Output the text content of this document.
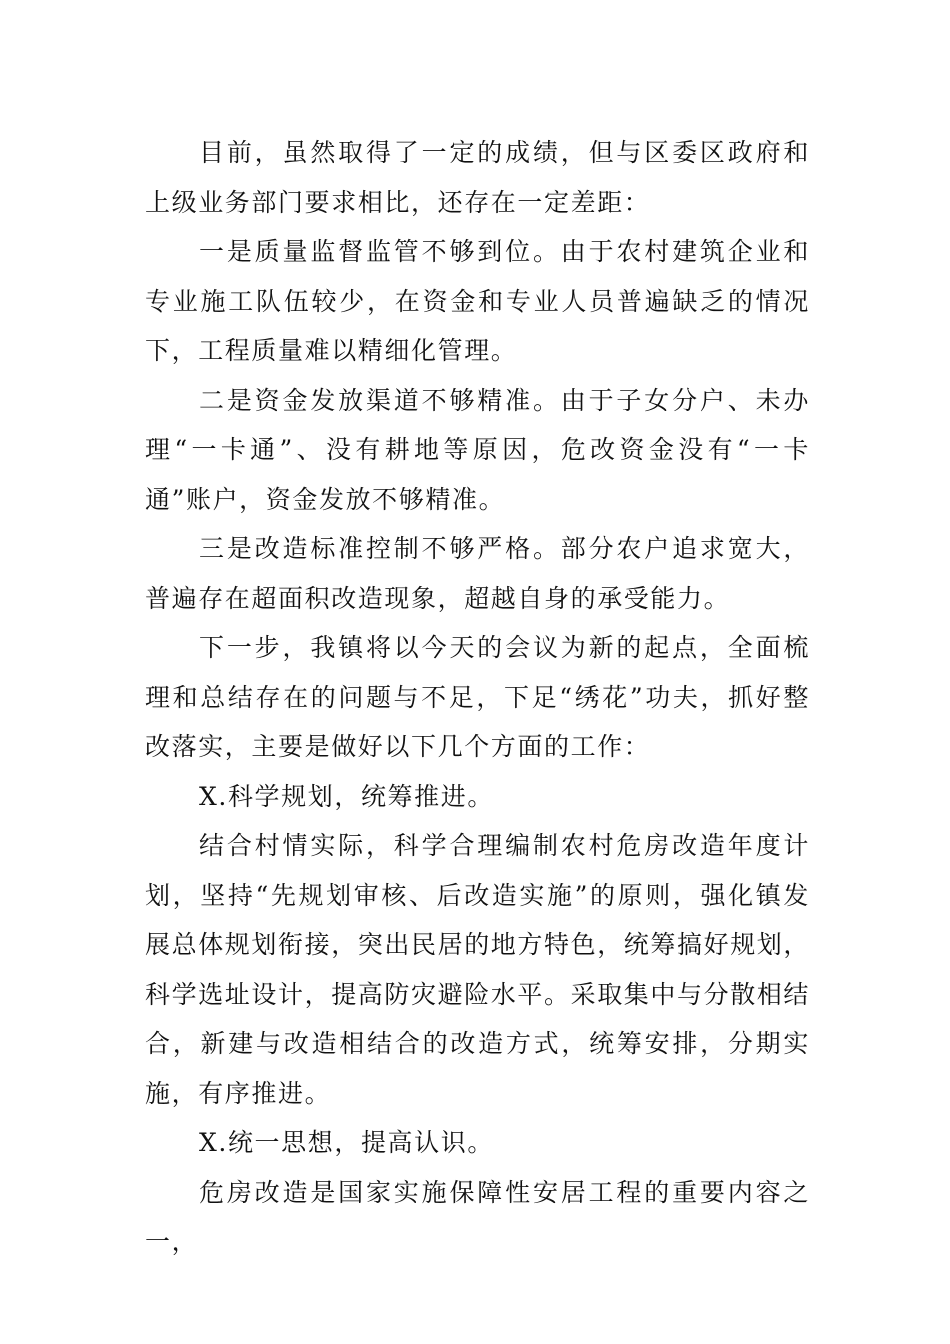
目前，虽然取得了一定的成绩，但与区委区政府和上级业务部门要求相比，还存在一定差距：

一是质量监督监管不够到位。由于农村建筑企业和专业施工队伍较少，在资金和专业人员普遍缺乏的情况下，工程质量难以精细化管理。

二是资金发放渠道不够精准。由于子女分户、未办理“一卡通”、没有耕地等原因，危改资金没有“一卡通”账户，资金发放不够精准。

三是改造标准控制不够严格。部分农户追求宽大，普遍存在超面积改造现象，超越自身的承受能力。

下一步，我镇将以今天的会议为新的起点，全面梳理和总结存在的问题与不足，下足“绣花”功夫，抓好整改落实，主要是做好以下几个方面的工作：

X.科学规划，统筹推进。

结合村情实际，科学合理编制农村危房改造年度计划，坚持“先规划审核、后改造实施”的原则，强化镇发展总体规划衔接，突出民居的地方特色，统筹搞好规划，科学选址设计，提高防灾避险水平。采取集中与分散相结合，新建与改造相结合的改造方式，统筹安排，分期实施，有序推进。

X.统一思想，提高认识。

危房改造是国家实施保障性安居工程的重要内容之一，
